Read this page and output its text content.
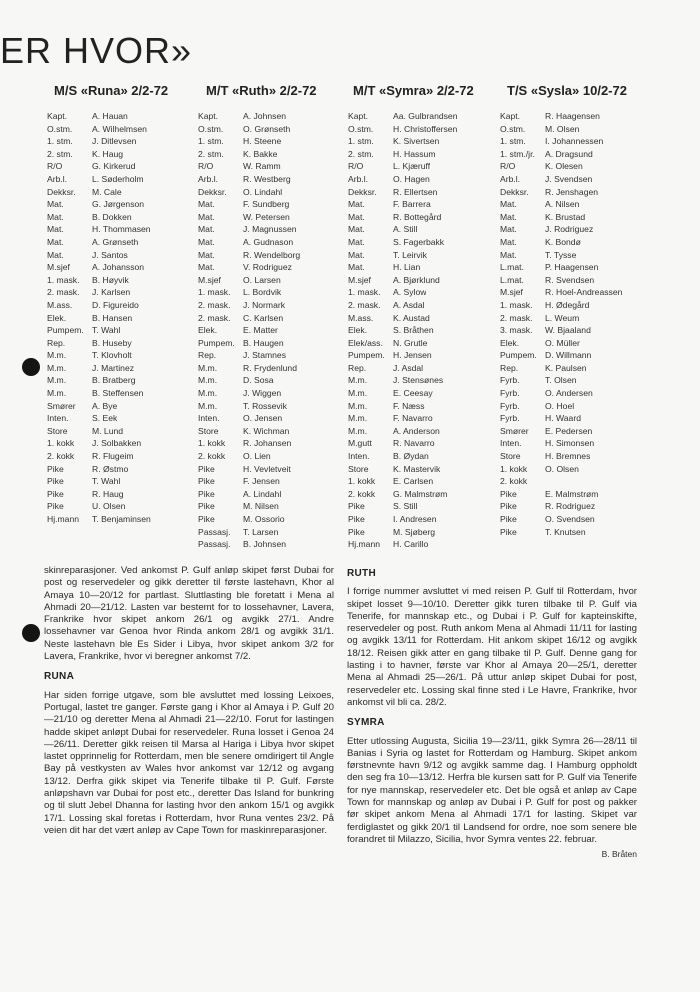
ER HVOR»
M/S «Runa» 2/2-72
Kapt.	A. Hauan
O.stm.	A. Wilhelmsen
1. stm.	J. Ditlevsen
2. stm.	K. Haug
R/O	G. Kirkerud
Arb.l.	L. Søderholm
Dekksr.	M. Cale
Mat.	G. Jørgenson
Mat.	B. Dokken
Mat.	H. Thommasen
Mat.	A. Grønseth
Mat.	J. Santos
M.sjef	A. Johansson
1. mask.	B. Høyvik
2. mask.	J. Karlsen
M.ass.	D. Figureido
Elek.	B. Hansen
Pumpem. T. Wahl
Rep.	B. Huseby
M.m.	T. Klovholt
M.m.	J. Martinez
M.m.	B. Bratberg
M.m.	B. Steffensen
Smører	A. Bye
Inten.	S. Eek
Store	M. Lund
1. kokk	J. Solbakken
2. kokk	R. Flugeim
Pike	R. Østmo
Pike	T. Wahl
Pike	R. Haug
Pike	U. Olsen
Hj.mann	T. Benjaminsen
M/T «Ruth» 2/2-72
Kapt.	A. Johnsen
O.stm.	O. Grønseth
1. stm.	H. Steene
2. stm.	K. Bakke
R/O	W. Ramm
Arb.l.	R. Westberg
Dekksr.	O. Lindahl
Mat.	F. Sundberg
Mat.	W. Petersen
Mat.	J. Magnussen
Mat.	A. Gudnason
Mat.	R. Wendelborg
Mat.	V. Rodriguez
M.sjef	O. Larsen
1. mask.	L. Bordvik
2. mask.	J. Normark
2. mask.	C. Karlsen
Elek.	E. Matter
Pumpem. B. Haugen
Rep.	J. Stamnes
M.m.	R. Frydenlund
M.m.	D. Sosa
M.m.	J. Wiggen
M.m.	T. Rossevik
Inten.	O. Jensen
Store	K. Wichman
1. kokk	R. Johansen
2. kokk	O. Lien
Pike	H. Vevletveit
Pike	F. Jensen
Pike	A. Lindahl
Pike	M. Nilsen
Pike	M. Ossorio
Passasj.	T. Larsen
Passasj.	B. Johnsen
M/T «Symra» 2/2-72
Kapt.	Aa. Gulbrandsen
O.stm.	H. Christoffersen
1. stm.	K. Sivertsen
2. stm.	H. Hassum
R/O	L. Kjæruff
Arb.l.	O. Hagen
Dekksr.	R. Ellertsen
Mat.	F. Barrera
Mat.	R. Bottegård
Mat.	A. Still
Mat.	S. Fagerbakk
Mat.	T. Leirvik
Mat.	H. Lian
M.sjef	A. Bjørklund
1. mask.	A. Sylow
2. mask.	A. Asdal
M.ass.	K. Austad
Elek.	S. Bråthen
Elek/ass.	N. Grutle
Pumpem. H. Jensen
Rep.	J. Asdal
M.m.	J. Stensønes
M.m.	E. Ceesay
M.m.	F. Næss
M.m.	F. Navarro
M.m.	A. Anderson
M.gutt	R. Navarro
Inten.	B. Øydan
Store	K. Mastervik
1. kokk	E. Carlsen
2. kokk	G. Malmstrøm
Pike	S. Still
Pike	I. Andresen
Pike	M. Sjøberg
Hj.mann	H. Carillo
T/S «Sysla» 10/2-72
Kapt.	R. Haagensen
O.stm.	M. Olsen
1. stm.	I. Johannessen
1. stm./jr.	A. Dragsund
R/O	K. Olesen
Arb.l.	J. Svendsen
Dekksr.	R. Jenshagen
Mat.	A. Nilsen
Mat.	K. Brustad
Mat.	J. Rodriguez
Mat.	K. Bondø
Mat.	T. Tysse
L.mat.	P. Haagensen
L.mat.	R. Svendsen
M.sjef	R. Hoel-Andreassen
1. mask.	H. Ødegård
2. mask.	L. Weum
3. mask.	W. Bjaaland
Elek.	O. Müller
Pumpem. D. Willmann
Rep.	K. Paulsen
Fyrb.	T. Olsen
Fyrb.	O. Andersen
Fyrb.	O. Hoel
Fyrb.	H. Waard
Smører	E. Pedersen
Inten.	H. Simonsen
Store	H. Bremnes
1. kokk	O. Olsen
2. kokk
Pike	E. Malmstrøm
Pike	R. Rodriguez
Pike	O. Svendsen
Pike	T. Knutsen

skinreparasjoner. Ved ankomst P. Gulf anløp skipet først Dubai for post og reservedeler og gikk deretter til første lastehavn, Khor al Amaya 10—20/12 for partlast. Sluttlasting ble foretatt i Mena al Ahmadi 20—21/12. Lasten var bestemt for to lossehavner, Lavera, Frankrike hvor skipet ankom 26/1 og avgikk 27/1. Andre lossehavner var Genoa hvor Rinda ankom 28/1 og avgikk 31/1. Neste lastehavn ble Es Sider i Libya, hvor skipet ankom 3/2 for Lavera, Frankrike, hvor vi beregner ankomst 7/2.

RUNA

Har siden forrige utgave, som ble avsluttet med lossing Leixoes, Portugal, lastet tre ganger. Første gang i Khor al Amaya i P. Gulf 20—21/10 og deretter Mena al Ahmadi 21—22/10. Forut for lastingen hadde skipet anløpt Dubai for reservedeler. Runa losset i Genoa 24—26/11. Deretter gikk reisen til Marsa al Hariga i Libya hvor skipet lastet opprinnelig for Rotterdam, men ble senere omdirigert til Angle Bay på vestkysten av Wales hvor ankomst var 12/12 og avgang 13/12. Derfra gikk skipet via Tenerife tilbake til P. Gulf. Første anløpshavn var Dubai for post etc., deretter Das Island for bunkring og til slutt Jebel Dhanna for lasting hvor den ankom 15/1 og avgikk 17/1. Lossing skal foretas i Rotterdam, hvor Runa ventes 23/2. På veien dit har det vært anløp av Cape Town for maskinreparasjoner.

RUTH

I forrige nummer avsluttet vi med reisen P. Gulf til Rotterdam, hvor skipet losset 9—10/10. Deretter gikk turen tilbake til P. Gulf via Tenerife, for mannskap etc., og Dubai i P. Gulf for kapteinskifte, reservedeler og post. Ruth ankom Mena al Ahmadi 11/11 for lasting og avgikk 13/11 for Rotterdam. Hit ankom skipet 16/12 og avgikk 18/12. Reisen gikk atter en gang tilbake til P. Gulf. Denne gang for lasting i to havner, første var Khor al Amaya 20—25/1, deretter Mena al Ahmadi 25—26/1. På uttur anløp skipet Dubai for post, reservedeler etc. Lossing skal finne sted i Le Havre, Frankrike, hvor ankomst vil bli ca. 28/2.

SYMRA

Etter utlossing Augusta, Sicilia 19—23/11, gikk Symra 26—28/11 til Banias i Syria og lastet for Rotterdam og Hamburg. Skipet ankom førstnevnte havn 9/12 og avgikk samme dag. I Hamburg oppholdt den seg fra 10—13/12. Herfra ble kursen satt for P. Gulf via Tenerife for nye mannskap, reservedeler etc. Det ble også et anløp av Cape Town for mannskap og anløp av Dubai i P. Gulf for post og pakker før skipet ankom Mena al Ahmadi 17/1 for lasting. Skipet var ferdiglastet og gikk 20/1 til Landsend for ordre, noe som senere ble forandret til Milazzo, Sicilia, hvor Symra ventes 22. februar.

B. Bråten
